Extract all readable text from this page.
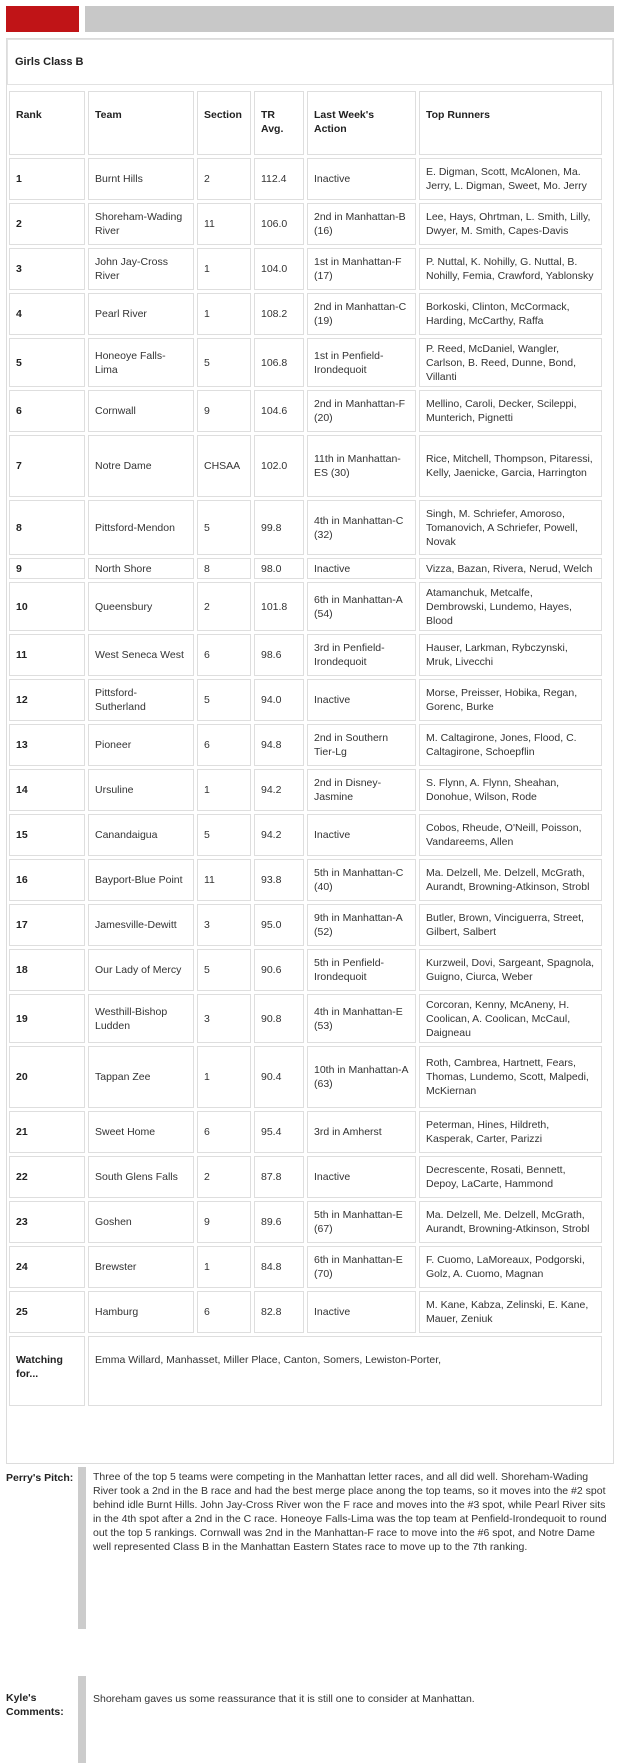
Girls Class B
Rank	Team	Section	TR Avg.	Last Week's Action	Top Runners
1	Burnt Hills	2	112.4	Inactive	E. Digman, Scott, McAlonen, Ma. Jerry, L. Digman, Sweet, Mo. Jerry
2	Shoreham-Wading River	11	106.0	2nd in Manhattan-B (16)	Lee, Hays, Ohrtman, L. Smith, Lilly, Dwyer, M. Smith, Capes-Davis
3	John Jay-Cross River	1	104.0	1st in Manhattan-F (17)	P. Nuttal, K. Nohilly, G. Nuttal, B. Nohilly, Femia, Crawford, Yablonsky
4	Pearl River	1	108.2	2nd in Manhattan-C (19)	Borkoski, Clinton, McCormack, Harding, McCarthy, Raffa
5	Honeoye Falls-Lima	5	106.8	1st in Penfield-Irondequoit	P. Reed, McDaniel, Wangler, Carlson, B. Reed, Dunne, Bond, Villanti
6	Cornwall	9	104.6	2nd in Manhattan-F (20)	Mellino, Caroli, Decker, Scileppi, Munterich, Pignetti
7	Notre Dame	CHSAA	102.0	11th in Manhattan-ES (30)	Rice, Mitchell, Thompson, Pitaressi, Kelly, Jaenicke, Garcia, Harrington
8	Pittsford-Mendon	5	99.8	4th in Manhattan-C (32)	Singh, M. Schriefer, Amoroso, Tomanovich, A Schriefer, Powell, Novak
9	North Shore	8	98.0	Inactive	Vizza, Bazan, Rivera, Nerud, Welch
10	Queensbury	2	101.8	6th in Manhattan-A (54)	Atamanchuk, Metcalfe, Dembrowski, Lundemo, Hayes, Blood
11	West Seneca West	6	98.6	3rd in Penfield-Irondequoit	Hauser, Larkman, Rybczynski, Mruk, Livecchi
12	Pittsford-Sutherland	5	94.0	Inactive	Morse, Preisser, Hobika, Regan, Gorenc, Burke
13	Pioneer	6	94.8	2nd in Southern Tier-Lg	M. Caltagirone, Jones, Flood, C. Caltagirone, Schoepflin
14	Ursuline	1	94.2	2nd in Disney-Jasmine	S. Flynn, A. Flynn, Sheahan, Donohue, Wilson, Rode
15	Canandaigua	5	94.2	Inactive	Cobos, Rheude, O'Neill, Poisson, Vandareems, Allen
16	Bayport-Blue Point	11	93.8	5th in Manhattan-C (40)	Ma. Delzell, Me. Delzell, McGrath, Aurandt, Browning-Atkinson, Strobl
17	Jamesville-Dewitt	3	95.0	9th in Manhattan-A (52)	Butler, Brown, Vinciguerra, Street, Gilbert, Salbert
18	Our Lady of Mercy	5	90.6	5th in Penfield-Irondequoit	Kurzweil, Dovi, Sargeant, Spagnola, Guigno, Ciurca, Weber
19	Westhill-Bishop Ludden	3	90.8	4th in Manhattan-E (53)	Corcoran, Kenny, McAneny, H. Coolican, A. Coolican, McCaul, Daigneau
20	Tappan Zee	1	90.4	10th in Manhattan-A (63)	Roth, Cambrea, Hartnett, Fears, Thomas, Lundemo, Scott, Malpedi, McKiernan
21	Sweet Home	6	95.4	3rd in Amherst	Peterman, Hines, Hildreth, Kasperak, Carter, Parizzi
22	South Glens Falls	2	87.8	Inactive	Decrescente, Rosati, Bennett, Depoy, LaCarte, Hammond
23	Goshen	9	89.6	5th in Manhattan-E (67)	Ma. Delzell, Me. Delzell, McGrath, Aurandt, Browning-Atkinson, Strobl
24	Brewster	1	84.8	6th in Manhattan-E (70)	F. Cuomo, LaMoreaux, Podgorski, Golz, A. Cuomo, Magnan
25	Hamburg	6	82.8	Inactive	M. Kane, Kabza, Zelinski, E. Kane, Mauer, Zeniuk
Watching for...	Emma Willard, Manhasset, Miller Place, Canton, Somers, Lewiston-Porter,				
Perry's Pitch: Three of the top 5 teams were competing in the Manhattan letter races, and all did well. Shoreham-Wading River took a 2nd in the B race and had the best merge place anong the top teams, so it moves into the #2 spot behind idle Burnt Hills. John Jay-Cross River won the F race and moves into the #3 spot, while Pearl River sits in the 4th spot after a 2nd in the C race. Honeoye Falls-Lima was the top team at Penfield-Irondequoit to round out the top 5 rankings. Cornwall was 2nd in the Manhattan-F race to move into the #6 spot, and Notre Dame well represented Class B in the Manhattan Eastern States race to move up to the 7th ranking.
Kyle's Comments:
Shoreham gaves us some reassurance that it is still one to consider at Manhattan.
